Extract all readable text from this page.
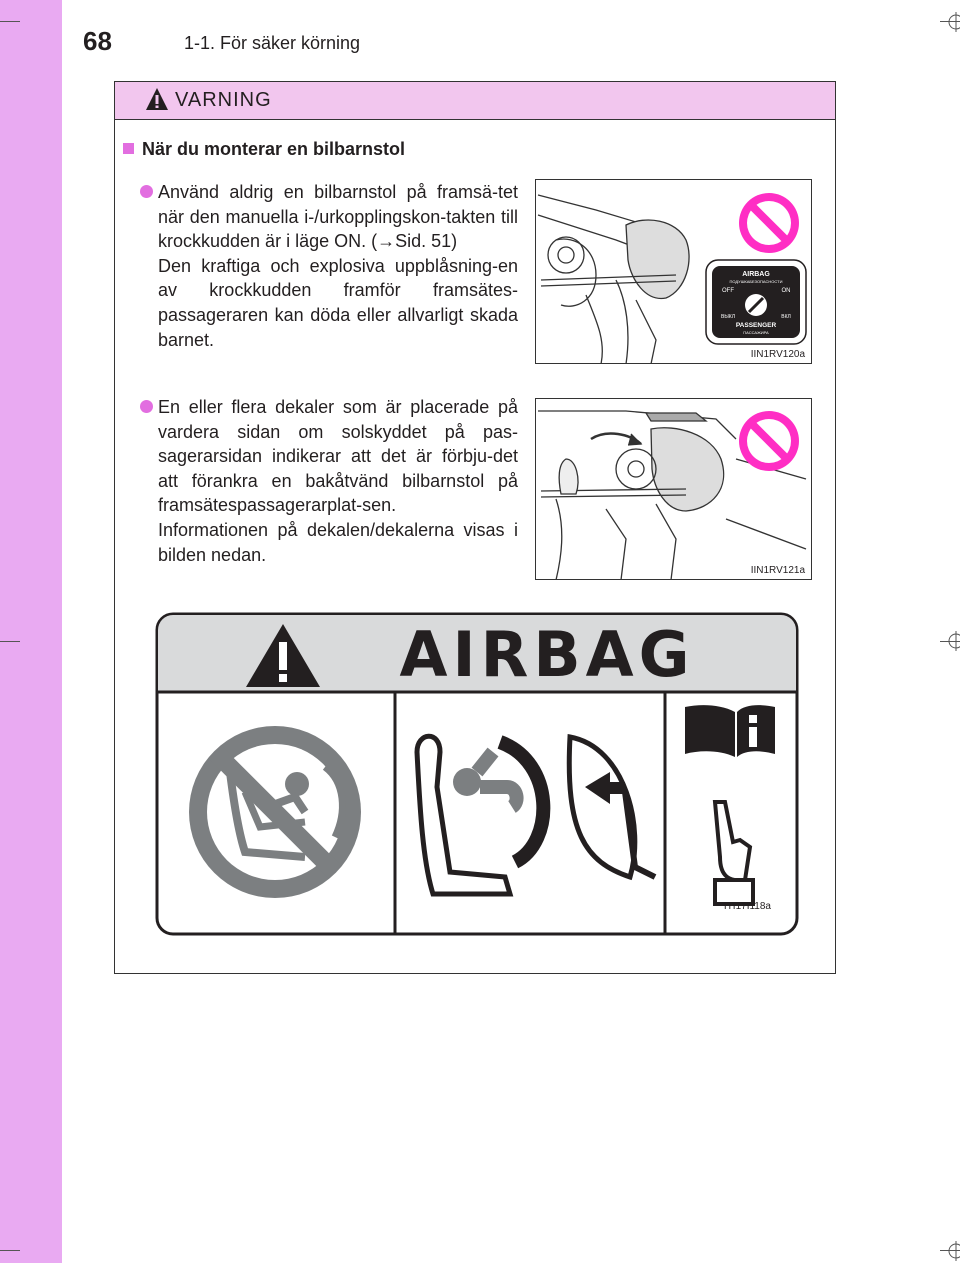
68	1-1. För säker körning
VARNING
När du monterar en bilbarnstol

Använd aldrig en bilbarnstol på framsä-tet när den manuella i-/urkopplingskon-takten till krockkudden är i läge ON. (→Sid. 51)

Den kraftiga och explosiva uppblåsning-en av krockkudden framför framsätes-passageraren kan döda eller allvarligt skada barnet.

En eller flera dekaler som är placerade på vardera sidan om solskyddet på pas-sagerarsidan indikerar att det är förbju-det att förankra en bakåtvänd bilbarnstol på framsätespassagerarplat-sen.

Informationen på dekalen/dekalerna visas i bilden nedan.

AIRBAG
ПОДУШКАБЕЗОПАСНОСТИ
OFF	ON
ВЫКЛ	ВКЛ
PASSENGER
ПАССАЖИРА
IIN1RV120a
IIN1RV121a
AIRBAG
ITI17I118a
